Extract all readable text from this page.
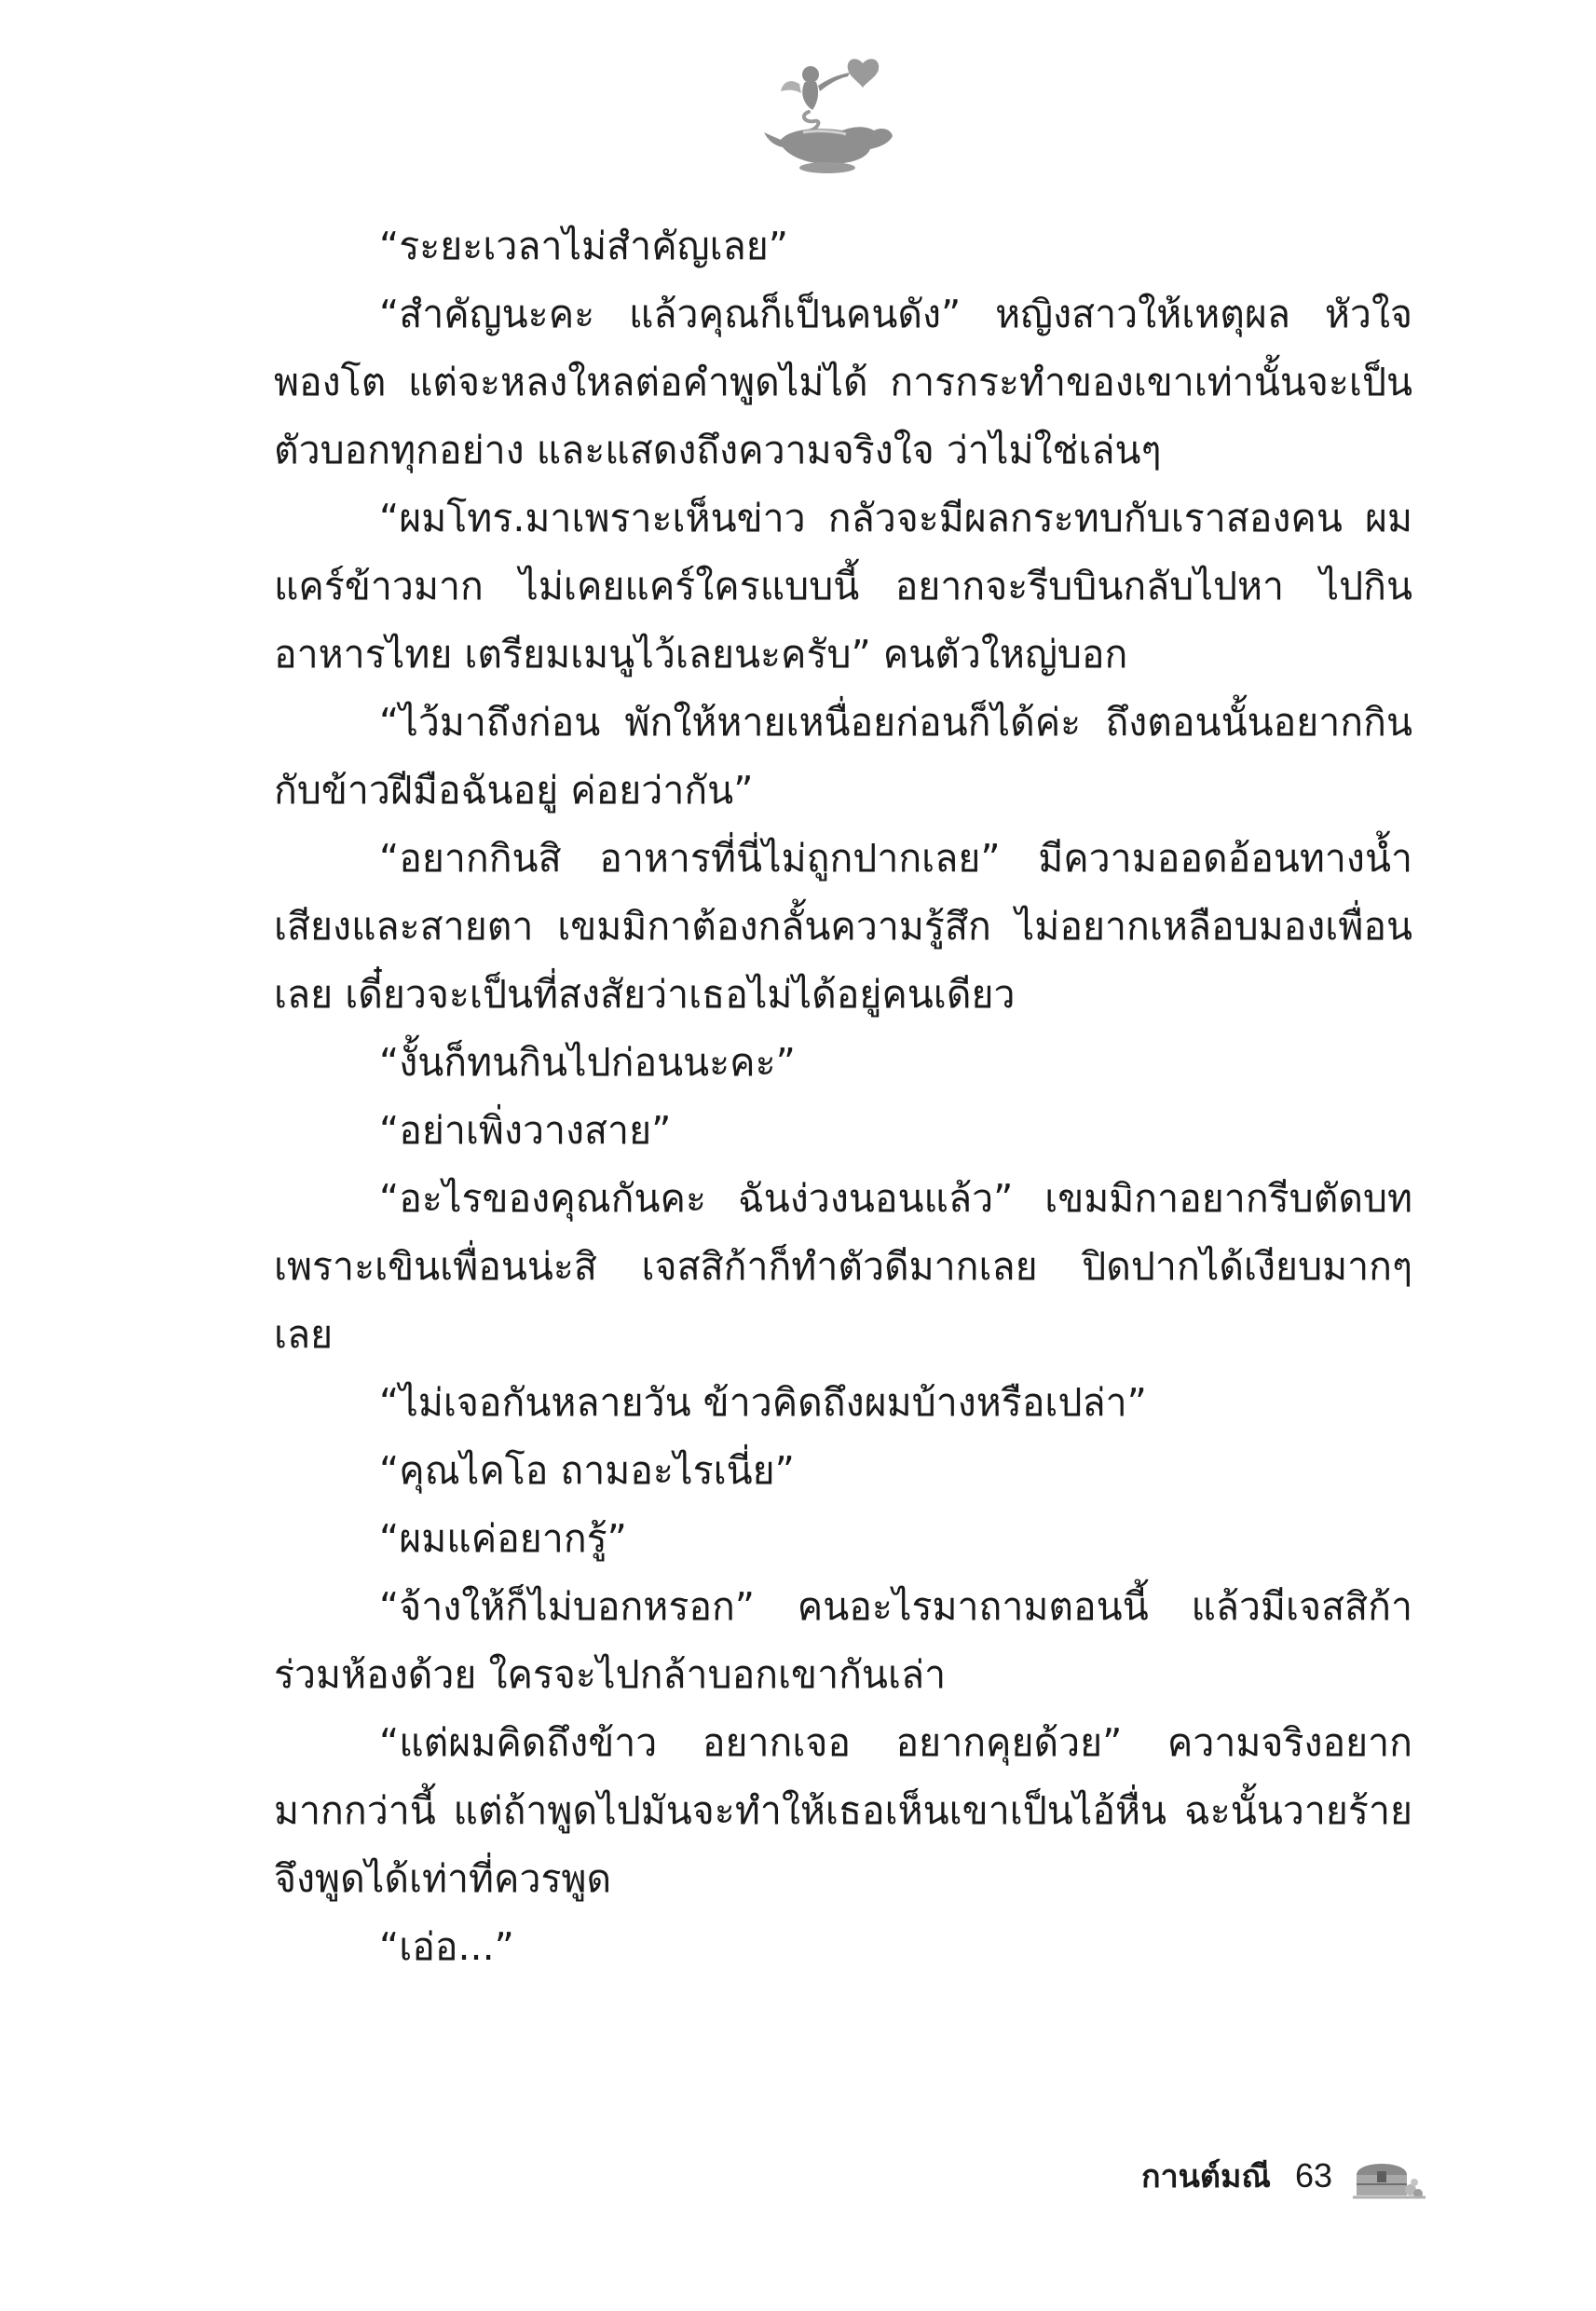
“ระยะเวลาไม่สำคัญเลย”

“สำคัญนะคะ แล้วคุณก็เป็นคนดัง” หญิงสาวให้เหตุผล หัวใจพองโต แต่จะหลงใหลต่อคำพูดไม่ได้ การกระทำของเขาเท่านั้นจะเป็นตัวบอกทุกอย่าง และแสดงถึงความจริงใจ ว่าไม่ใช่เล่นๆ

“ผมโทร.มาเพราะเห็นข่าว กลัวจะมีผลกระทบกับเราสองคน ผมแคร์ข้าวมาก ไม่เคยแคร์ใครแบบนี้ อยากจะรีบบินกลับไปหา ไปกินอาหารไทย เตรียมเมนูไว้เลยนะครับ” คนตัวใหญ่บอก

“ไว้มาถึงก่อน พักให้หายเหนื่อยก่อนก็ได้ค่ะ ถึงตอนนั้นอยากกินกับข้าวฝีมือฉันอยู่ ค่อยว่ากัน”

“อยากกินสิ อาหารที่นี่ไม่ถูกปากเลย” มีความออดอ้อนทางน้ำเสียงและสายตา เขมมิกาต้องกลั้นความรู้สึก ไม่อยากเหลือบมองเพื่อนเลย เดี๋ยวจะเป็นที่สงสัยว่าเธอไม่ได้อยู่คนเดียว

“งั้นก็ทนกินไปก่อนนะคะ”

“อย่าเพิ่งวางสาย”

“อะไรของคุณกันคะ ฉันง่วงนอนแล้ว” เขมมิกาอยากรีบตัดบทเพราะเขินเพื่อนน่ะสิ เจสสิก้าก็ทำตัวดีมากเลย ปิดปากได้เงียบมากๆ เลย

“ไม่เจอกันหลายวัน ข้าวคิดถึงผมบ้างหรือเปล่า”

“คุณไคโอ ถามอะไรเนี่ย”

“ผมแค่อยากรู้”

“จ้างให้ก็ไม่บอกหรอก” คนอะไรมาถามตอนนี้ แล้วมีเจสสิก้าร่วมห้องด้วย ใครจะไปกล้าบอกเขากันเล่า

“แต่ผมคิดถึงข้าว อยากเจอ อยากคุยด้วย” ความจริงอยากมากกว่านี้ แต่ถ้าพูดไปมันจะทำให้เธอเห็นเขาเป็นไอ้หื่น ฉะนั้นวายร้ายจึงพูดได้เท่าที่ควรพูด

“เอ่อ...”

กานต์มณี 63
